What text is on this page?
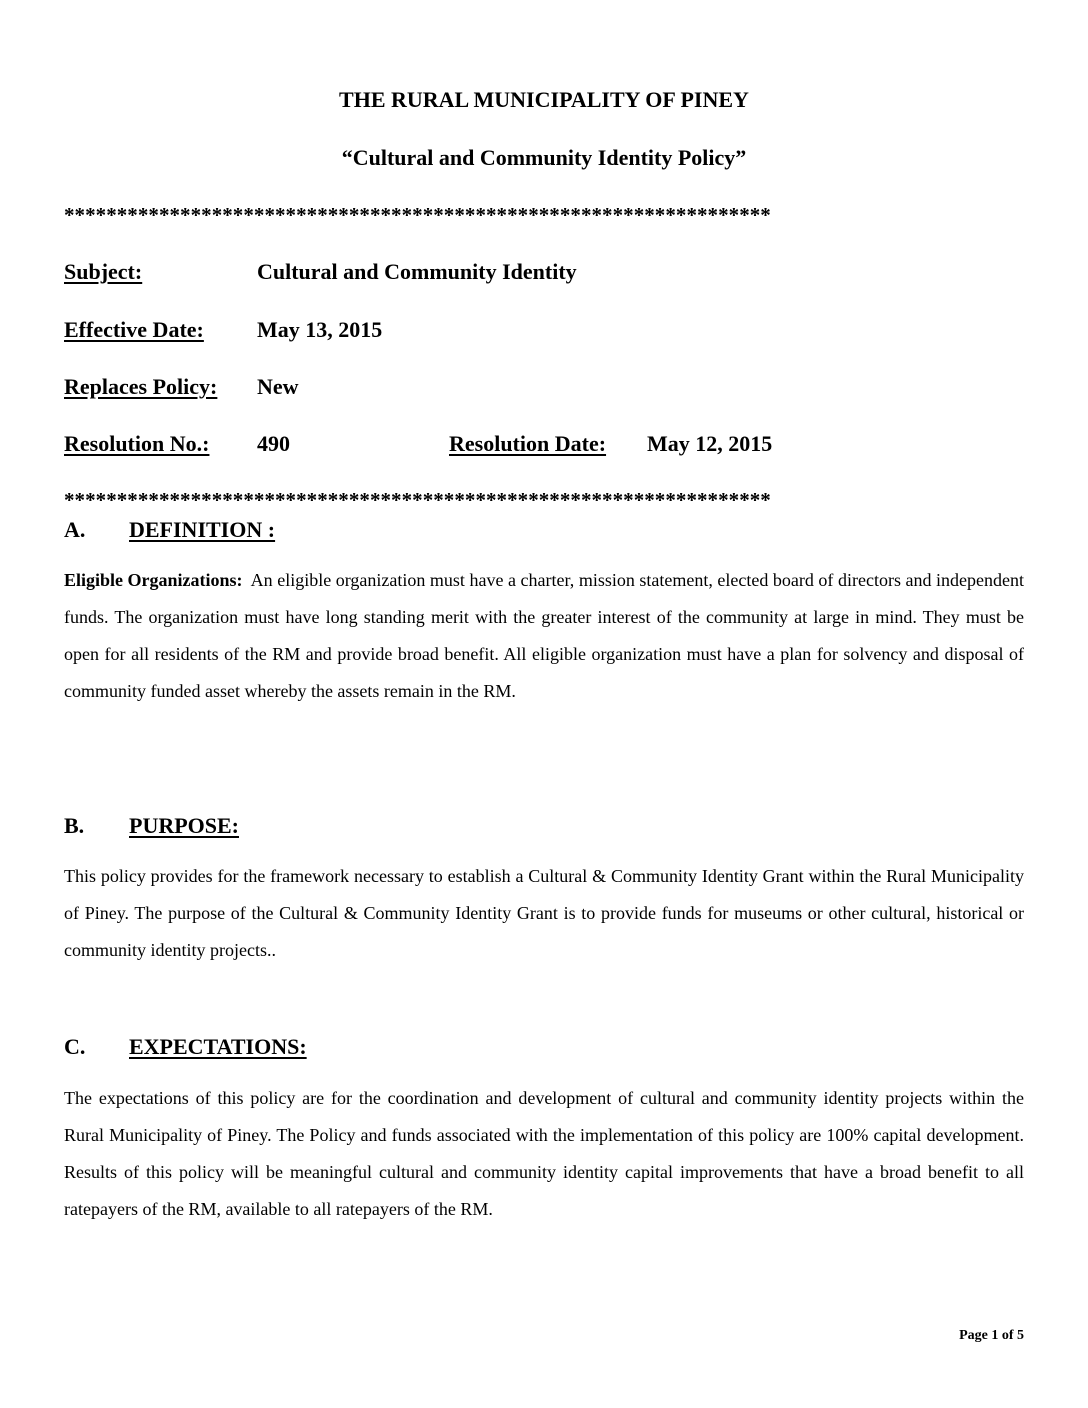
THE RURAL MUNICIPALITY OF PINEY
“Cultural and Community Identity Policy”
*******************************************************************
Subject:	Cultural and Community Identity
Effective Date: May 13, 2015
Replaces Policy: New
Resolution No.: 490	Resolution Date: May 12, 2015
*******************************************************************
A. DEFINITION :
Eligible Organizations: An eligible organization must have a charter, mission statement, elected board of directors and independent funds. The organization must have long standing merit with the greater interest of the community at large in mind. They must be open for all residents of the RM and provide broad benefit. All eligible organization must have a plan for solvency and disposal of community funded asset whereby the assets remain in the RM.
B. PURPOSE:
This policy provides for the framework necessary to establish a Cultural & Community Identity Grant within the Rural Municipality of Piney. The purpose of the Cultural & Community Identity Grant is to provide funds for museums or other cultural, historical or community identity projects..
C. EXPECTATIONS:
The expectations of this policy are for the coordination and development of cultural and community identity projects within the Rural Municipality of Piney. The Policy and funds associated with the implementation of this policy are 100% capital development. Results of this policy will be meaningful cultural and community identity capital improvements that have a broad benefit to all ratepayers of the RM, available to all ratepayers of the RM.
Page 1 of 5
